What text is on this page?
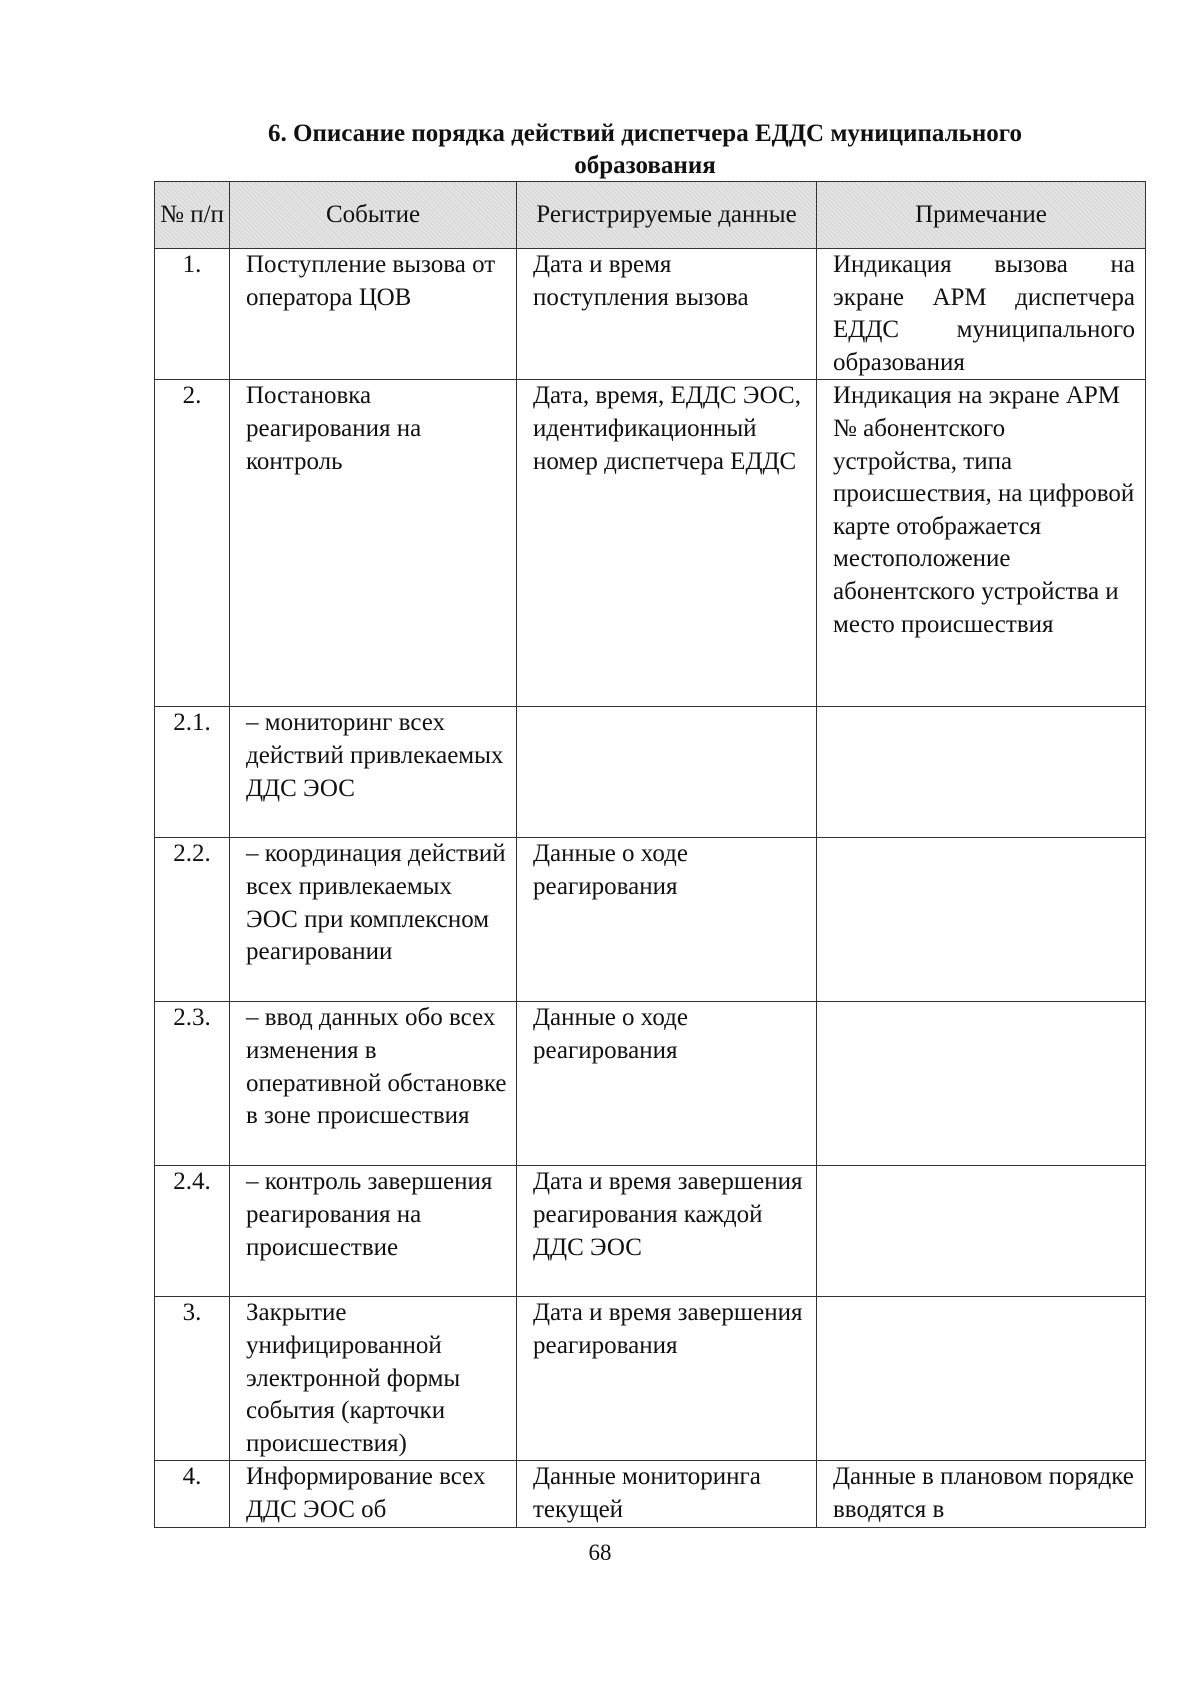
6. Описание порядка действий диспетчера ЕДДС муниципального
образования
№ п/п	Событие	Регистрируемые данные	Примечание
1.	Поступление вызова от оператора ЦОВ	Дата и время поступления вызова	Индикация вызова на экране АРМ диспетчера ЕДДС муниципального образования
2.	Постановка реагирования на контроль	Дата, время, ЕДДС ЭОС, идентификационный номер диспетчера ЕДДС	Индикация на экране АРМ № абонентского устройства, типа происшествия, на цифровой карте отображается местоположение абонентского устройства и место происшествия
2.1.	– мониторинг всех действий привлекаемых ДДС ЭОС		
2.2.	– координация действий всех привлекаемых ЭОС при комплексном реагировании	Данные о ходе реагирования	
2.3.	– ввод данных обо всех изменения в оперативной обстановке в зоне происшествия	Данные о ходе реагирования	
2.4.	– контроль завершения реагирования на происшествие	Дата и время завершения реагирования каждой ДДС ЭОС	
3.	Закрытие унифицированной электронной формы события (карточки происшествия)	Дата и время завершения реагирования	
4.	Информирование всех ДДС ЭОС об	Данные мониторинга текущей	Данные в плановом порядке вводятся в
68
